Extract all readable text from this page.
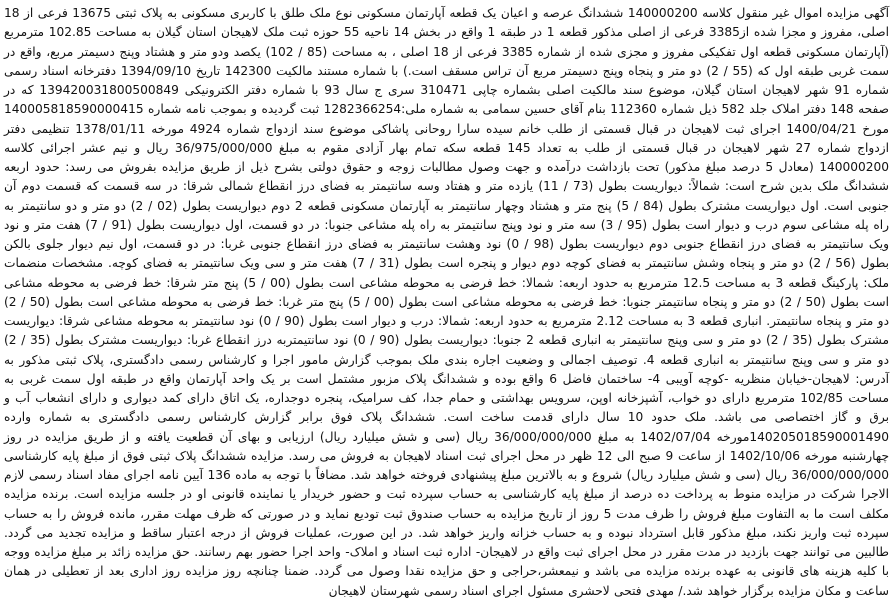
آگهی مزایده اموال غیر منقول کلاسه 140000200 ششدانگ عرصه و اعیان یک قطعه آپارتمان مسکونی نوع ملک طلق با کاربری مسکونی به پلاک ثبتی 13675 فرعی از 18 اصلی، مفروز و مجزا شده از3385 فرعی از اصلی مذکور قطعه 1 در طبقه 1 واقع در بخش 14 ناحیه 55 حوزه ثبت ملک لاهیجان استان گیلان به مساحت 102.85 مترمربع (آپارتمان مسکونی قطعه اول تفکیکی مفروز و مجزی شده از شماره 3385 فرعی از 18 اصلی ، به مساحت (85 / 102) یکصد ودو متر و هشتاد وپنج دسیمتر مربع، واقع در سمت غربی طبقه اول که (55 / 2) دو متر و پنجاه وپنج دسیمتر مربع آن تراس مسقف است.) با شماره مستند مالکیت 142300 تاریخ 1394/09/10 دفترخانه اسناد رسمی شماره 91 شهر لاهیجان استان گیلان، موضوع سند مالکیت اصلی بشماره چاپی 310471 سری ج سال 93 با شماره دفتر الکترونیکی 139420031800500849 که در صفحه 148 دفتر املاک جلد 582 ذیل شماره 112360 بنام آقای حسین سمامی به شماره ملی:1282366254 ثبت گردیده و بموجب نامه شماره 140005818590000415 مورخ 1400/04/21 اجرای ثبت لاهیجان در قبال قسمتی از طلب خانم سیده سارا روحانی پاشاکی موضوع سند ازدواج شماره 4924 مورخه 1378/01/11 تنظیمی دفتر ازدواج شماره 27 شهر لاهیجان در قبال قسمتی از طلب به تعداد 145 قطعه سکه تمام بهار آزادی مقوم به مبلغ 36/975/000/000 ریال و نیم عشر اجرائی کلاسه 140000200 (معادل 5 درصد مبلغ مذکور) تحت بازداشت درآمده و جهت وصول مطالبات زوجه و حقوق دولتی بشرح ذیل از طریق مزایده بفروش می رسد: حدود اربعه ششدانگ ملک بدین شرح است: شمالاً: دیواریست بطول (73 / 11) یازده متر و هفتاد وسه سانتیمتر به فضای درز انقطاع شمالی شرقا: در سه قسمت که قسمت دوم آن جنوبی است. اول دیواریست مشترک بطول (84 / 5) پنج متر و هشتاد وچهار سانتیمتر به آپارتمان مسکونی قطعه 2 دوم دیواریست بطول (02 / 2) دو متر و دو سانتیمتر به راه پله مشاعی سوم درب و دیوار است بطول (95 / 3) سه متر و نود وپنج سانتیمتر به راه پله مشاعی جنوبا: در دو قسمت، اول دیواریست بطول (91 / 7) هفت متر و نود ویک سانتیمتر به فضای درز انقطاع جنوبی دوم دیواریست بطول (98 / 0) نود وهشت سانتیمتر به فضای درز انقطاع جنوبی غربا: در دو قسمت، اول نیم دیوار جلوی بالکن بطول (56 / 2) دو متر و پنجاه وشش سانتیمتر به فضای کوچه دوم دیوار و پنجره است بطول (31 / 7) هفت متر و سی ویک سانتیمتر به فضای کوچه. مشخصات منضمات ملک: پارکینگ قطعه 3 به مساحت 12.5 مترمربع به حدود اربعه: شمالا: خط فرضی به محوطه مشاعی است بطول (00 / 5) پنج متر شرقا: خط فرضی به محوطه مشاعی است بطول (50 / 2) دو متر و پنجاه سانتیمتر جنوبا: خط فرضی به محوطه مشاعی است بطول (00 / 5) پنج متر غربا: خط فرضی به محوطه مشاعی است بطول (50 / 2) دو متر و پنجاه سانتیمتر. انباری قطعه 3 به مساحت 2.12 مترمربع به حدود اربعه: شمالا: درب و دیوار است بطول (90 / 0) نود سانتیمتر به محوطه مشاعی شرقا: دیواریست مشترک بطول (35 / 2) دو متر و سی وپنج سانتیمتر به انباری قطعه 2 جنوبا: دیواریست بطول (90 / 0) نود سانتیمتربه درز انقطاع غربا: دیواریست مشترک بطول (35 / 2) دو متر و سی وپنج سانتیمتر به انباری قطعه 4. توصیف اجمالی و وضعیت اجاره بندی ملک بموجب گزارش مامور اجرا و کارشناس رسمی دادگستری، پلاک ثبتی مذکور به آدرس: لاهیجان-خیابان منظریه -کوچه آویبی 4- ساختمان فاضل 6 واقع بوده و ششدانگ پلاک مزبور مشتمل است بر یک واحد آپارتمان واقع در طبقه اول سمت غربی به مساحت 102/85 مترمربع دارای دو خواب، آشپزخانه اوپن، سرویس بهداشتی و حمام جدا، کف سرامیک، پنجره دوجداره، یک اتاق دارای کمد دیواری و دارای انشعاب آب و برق و گاز اختصاصی می باشد. ملک حدود 10 سال دارای قدمت ساخت است. ششدانگ پلاک فوق برابر گزارش کارشناس رسمی دادگستری به شماره وارده 140205018590001490مورخه 1402/07/04 به مبلغ 36/000/000/000 ریال (سی و شش میلیارد ریال) ارزیابی و بهای آن قطعیت یافته و از طریق مزایده در روز چهارشنبه مورخه 1402/10/06 از ساعت 9 صبح الی 12 ظهر در محل اجرای ثبت اسناد لاهیجان به فروش می رسد. مزایده ششدانگ پلاک ثبتی فوق از مبلغ پایه کارشناسی 36/000/000/000 ریال (سی و شش میلیارد ریال) شروع و به بالاترین مبلغ پیشنهادی فروخته خواهد شد. مضافاً با توجه به ماده 136 آیین نامه اجرای مفاد اسناد رسمی لازم الاجرا شرکت در مزایده منوط به پرداخت ده درصد از مبلغ پایه کارشناسی به حساب سپرده ثبت و حضور خریدار یا نماینده قانونی او در جلسه مزایده است. برنده مزایده مکلف است ما به التفاوت مبلغ فروش را ظرف مدت 5 روز از تاریخ مزایده به حساب صندوق ثبت تودیع نماید و در صورتی که ظرف مهلت مقرر، مانده فروش را به حساب سپرده ثبت واریز نکند، مبلغ مذکور قابل استرداد نبوده و به حساب خزانه واریز خواهد شد. در این صورت، عملیات فروش از درجه اعتبار ساقط و مزایده تجدید می گردد. طالبین می توانند جهت بازدید در مدت مقرر در محل اجرای ثبت واقع در لاهیجان- اداره ثبت اسناد و املاک- واحد اجرا حضور بهم رسانند. حق مزایده زائد بر مبلغ مزایده ووجه با کلیه هزینه های قانونی به عهده برنده مزایده می باشد و نیمعشر،حراجی و حق مزایده نقدا وصول می گردد. ضمنا چنانچه روز مزایده روز اداری بعد از تعطیلی در همان ساعت و مکان مزایده برگزار خواهد شد./ مهدی فتحی لاحشری مسئول اجرای اسناد رسمی شهرستان لاهیجان
